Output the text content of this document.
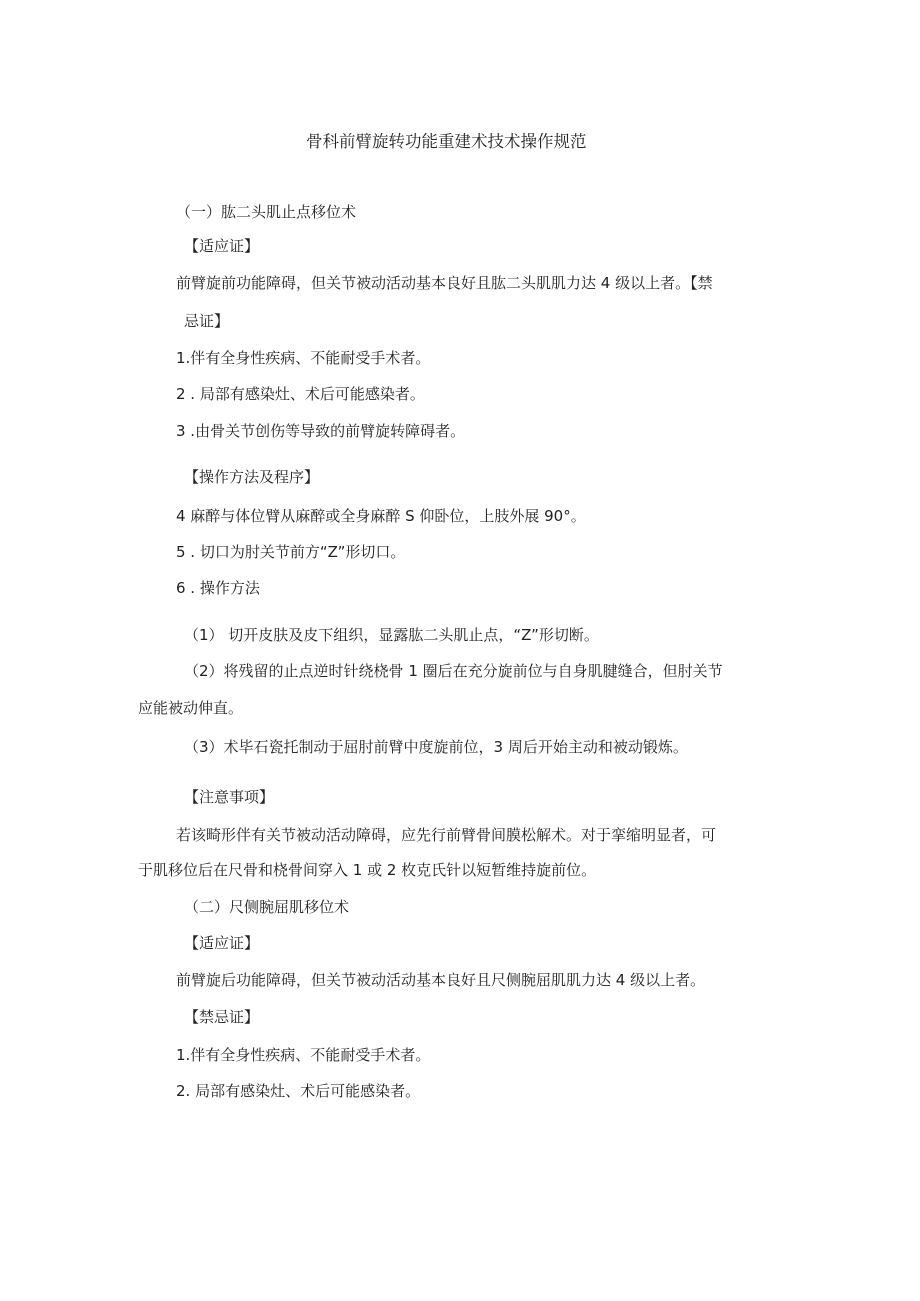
骨科前臂旋转功能重建术技术操作规范
（一）肱二头肌止点移位术
【适应证】
前臂旋前功能障碍，但关节被动活动基本良好且肱二头肌肌力达 4 级以上者。【禁
忌证】
1.伴有全身性疾病、不能耐受手术者。
2 . 局部有感染灶、术后可能感染者。
3 .由骨关节创伤等导致的前臂旋转障碍者。
【操作方法及程序】
4 麻醉与体位臂从麻醉或全身麻醉 S 仰卧位，上肢外展 90°。
5 . 切口为肘关节前方“Z”形切口。
6 . 操作方法
（1） 切开皮肤及皮下组织，显露肱二头肌止点，“Z”形切断。
（2）将残留的止点逆时针绕桡骨 1 圈后在充分旋前位与自身肌腱缝合，但肘关节
应能被动伸直。
（3）术毕石瓷托制动于屈肘前臂中度旋前位，3 周后开始主动和被动锻炼。
【注意事项】
若该畸形伴有关节被动活动障碍，应先行前臂骨间膜松解术。对于挛缩明显者，可
于肌移位后在尺骨和桡骨间穿入 1 或 2 枚克氏针以短暂维持旋前位。
（二）尺侧腕屈肌移位术
【适应证】
前臂旋后功能障碍，但关节被动活动基本良好且尺侧腕屈肌肌力达 4 级以上者。
【禁忌证】
1.伴有全身性疾病、不能耐受手术者。
2. 局部有感染灶、术后可能感染者。
